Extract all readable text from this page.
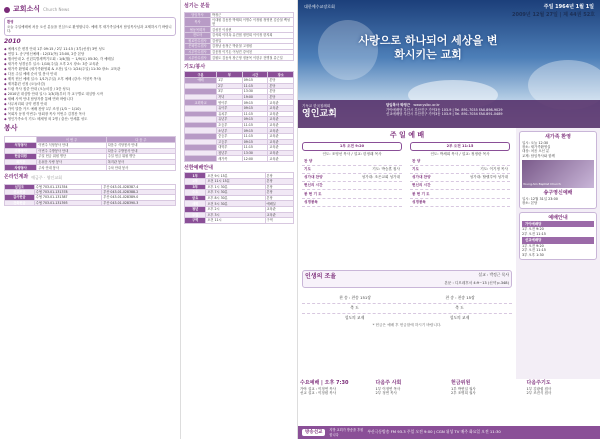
교회소식 Church News
환영
오늘 주일예배에 처음 오신 분들을 진심으로 환영합니다. 예배 후 새가족실에서 담임목사님과 교제하시기 바랍니다.
2010
◆ 예배시간 변경 안내 1부 09:15 / 2부 11:15 / 3부(선샹) 3번 성도
◆ 연말 1. 송구영신예배 : 12/31(목) 23:00, 2층 본당
◆ 행사안내 2. 신년특별새벽기도회 : 1/4(월) ~ 1/9(토) 05:30, 각 예배실
◆ 새가족 성경공부 일시: 1/10(주일) 오후 2시 장소: 3층 교육관
◆ 새가족 환영회 (새가족환영회 & 오찬) 일시: 1/24(주일) 11:30 장소: 교육관
◆ 다음 주일 예배 순서 및 봉사 안내
◆ 제직 헌신 예배 일시: 1/17(주일) 오후 예배 (강사: 이천목 목사)
◆ 제자훈련 신청 (오늘마감)
◆ 드림 목사 집중 안내 (오늘마감 / 3층 성도)
◆ 2010년 대심방 안내 일시: 1/3(화)부터 각 교구별로 대심방 시작
◆ 새해 사역 안내 담당자를 통해 연락 바랍니다
◆ 사무처리회 규약 변경 안내
◆ 가이 말씀 카드 예배 찬양 1부 조정 (1/3 ~ 1/10)
◆ 목회자 동정 이번주: 당회장 목사 이번주 김경찬 목사
◆ 영인가족소식 기도: 배세영 외 2명 / 출산: 안세훈 성도
봉사
	이 번 주	다 음 주
식당봉사	이번주 식당봉사 안내	다음주 식당봉사 안내
주방봉사	이번주 주방봉사 안내	다음주 주방봉사 안내
헌금위원	주일 헌금 위원 명단	주일 헌금 위원 명단
복지관	손쉬운 사랑 봉사	복지관 봉사
차량봉사	주차 안내 봉사	주차 안내 봉사
온라인계좌 예금주 · 영인교회
십일조	수협 703-01-131354	부산 043-01-028387-4
선교헌금	수협 703-01-131378	부산 043-01-028388-2
감사헌금	수협 703-01-131387	부산 043-01-028389-0
건축헌금	수협 703-01-131393	부산 043-01-028390-3
섬기는 분들
담임목사	박정근
목사	이대원 김동찬 박태희 이명수 이정원 정영현 김승철 백성현
협동목회자	김성진 이상현
전도사	김석희 이미옥 유진엽 정민희 이이정 한지희
원로안수집사	김성일
은퇴안수집사	김정남 송정근 박윤철 고정원
시무안수집사	김응정 이기돈 이성진 강석천
시무안수집사	김원도 김동석 장근영 정용목 이한우 전병철 류근일
기도/봉사
구분	부	시간	장소
예배	1부	09:15	본당
	2부	11:15	본당
	3부	13:30	본당
	저녁	19:00	본당
교회학교	영아부	09:15	교육관
	유아부	09:15	교육관
	유치부	11:15	교육관
	유년부	09:15	교육관
	초등부	11:15	교육관
	소년부	09:15	교육관
	중등부	11:15	교육관
	고등부	09:15	교육관
	대학부	11:15	교육관
	청년부	13:30	교육관
	새가족	12:00	교육관
선한예배안내
1부	오전 9시 15분	본당
2부	오전 11시 15분	본당
3부	오후 1시 30분	본당
수요	오후 7시 30분	본당
금요	오후 8시 30분	본당
새벽	오전 5시 30분	예배실
청년	오후 2시	교육관
주일	오후 3시	교육관
구역	오전 11시	구역
대한예수교장로회	주일 1964년 1월 1일
2009년 12월 27일 | 제 44권 52호
사랑으로 하나되어 세상을 변화시키는 교회
기독교 한국침례회
영인교회
담임목사 박정근 www.yslbc.or.kr
가야예배당 부산시 부산진구 가야3동 103-9 | Tel. 891-7035 FAX.898-9029
선교예배당 부산시 부산진구 가야3동 103-9 | Tel. 891-7034 FAX.891-0489
주 일 예 배
1부 오전 9:20
인도: 조영선 목사 / 설교: 한정래 목사
찬 양
기도	기도: 박승혼 집사
성가대 찬양	성가대: 조은교회 성가대
헌신의 시간
봉 헌 기 도
성경봉독
2부 오전 11:15
인도: 박세희 목사 / 설교: 정정란 목사
찬 양
기도	기도: 이기정 목사
성가대 찬양	성가대: 할렐루야 성가대
헌신의 시간
봉 헌 기 도
성경봉독
인생의 조율	설교 : 박정근 목사
본문 : 디모데후서 4:9~13 (신약 p.348)
찬 송 : 찬송 151장	찬 송 : 찬송 15장
축 도	축 도
성도의 교제	성도의 교제
* 헌금은 예배 후 헌금함에 하시기 바랍니다.
새가족 환영
일시: 오늘 12:30
장소: 새가족환영실
대상: 처음 오신 분
교제: 담임목사와 함께
Young-Sin Baptist Church
송구영신예배
일시: 12월 31일 23:00
장소: 본당
예배안내
가야예배당
1부 오전 9:20
2부 오전 11:15
선교예배당
1부 오전 9:20
2부 오전 11:15
3부 오후 1:30
수요예배 | 오후 7:30
가야 설교 : 이정연 목사
선교 설교 : 이정원 목사
다음주 사회
1부 이정연 목사
2부 정연 목사
헌금위원
1부 박헌일 권사
2부 조명희 권사
다음주기도
1부 김광섭 집사
2부 조진식 집사
방송선교	지방 교회가 방송을 후원합니다
부산극동방송 FM 93.3 주일 오전 9:00 | CGN 위성 TV 매주 화요일 오전 11:30
